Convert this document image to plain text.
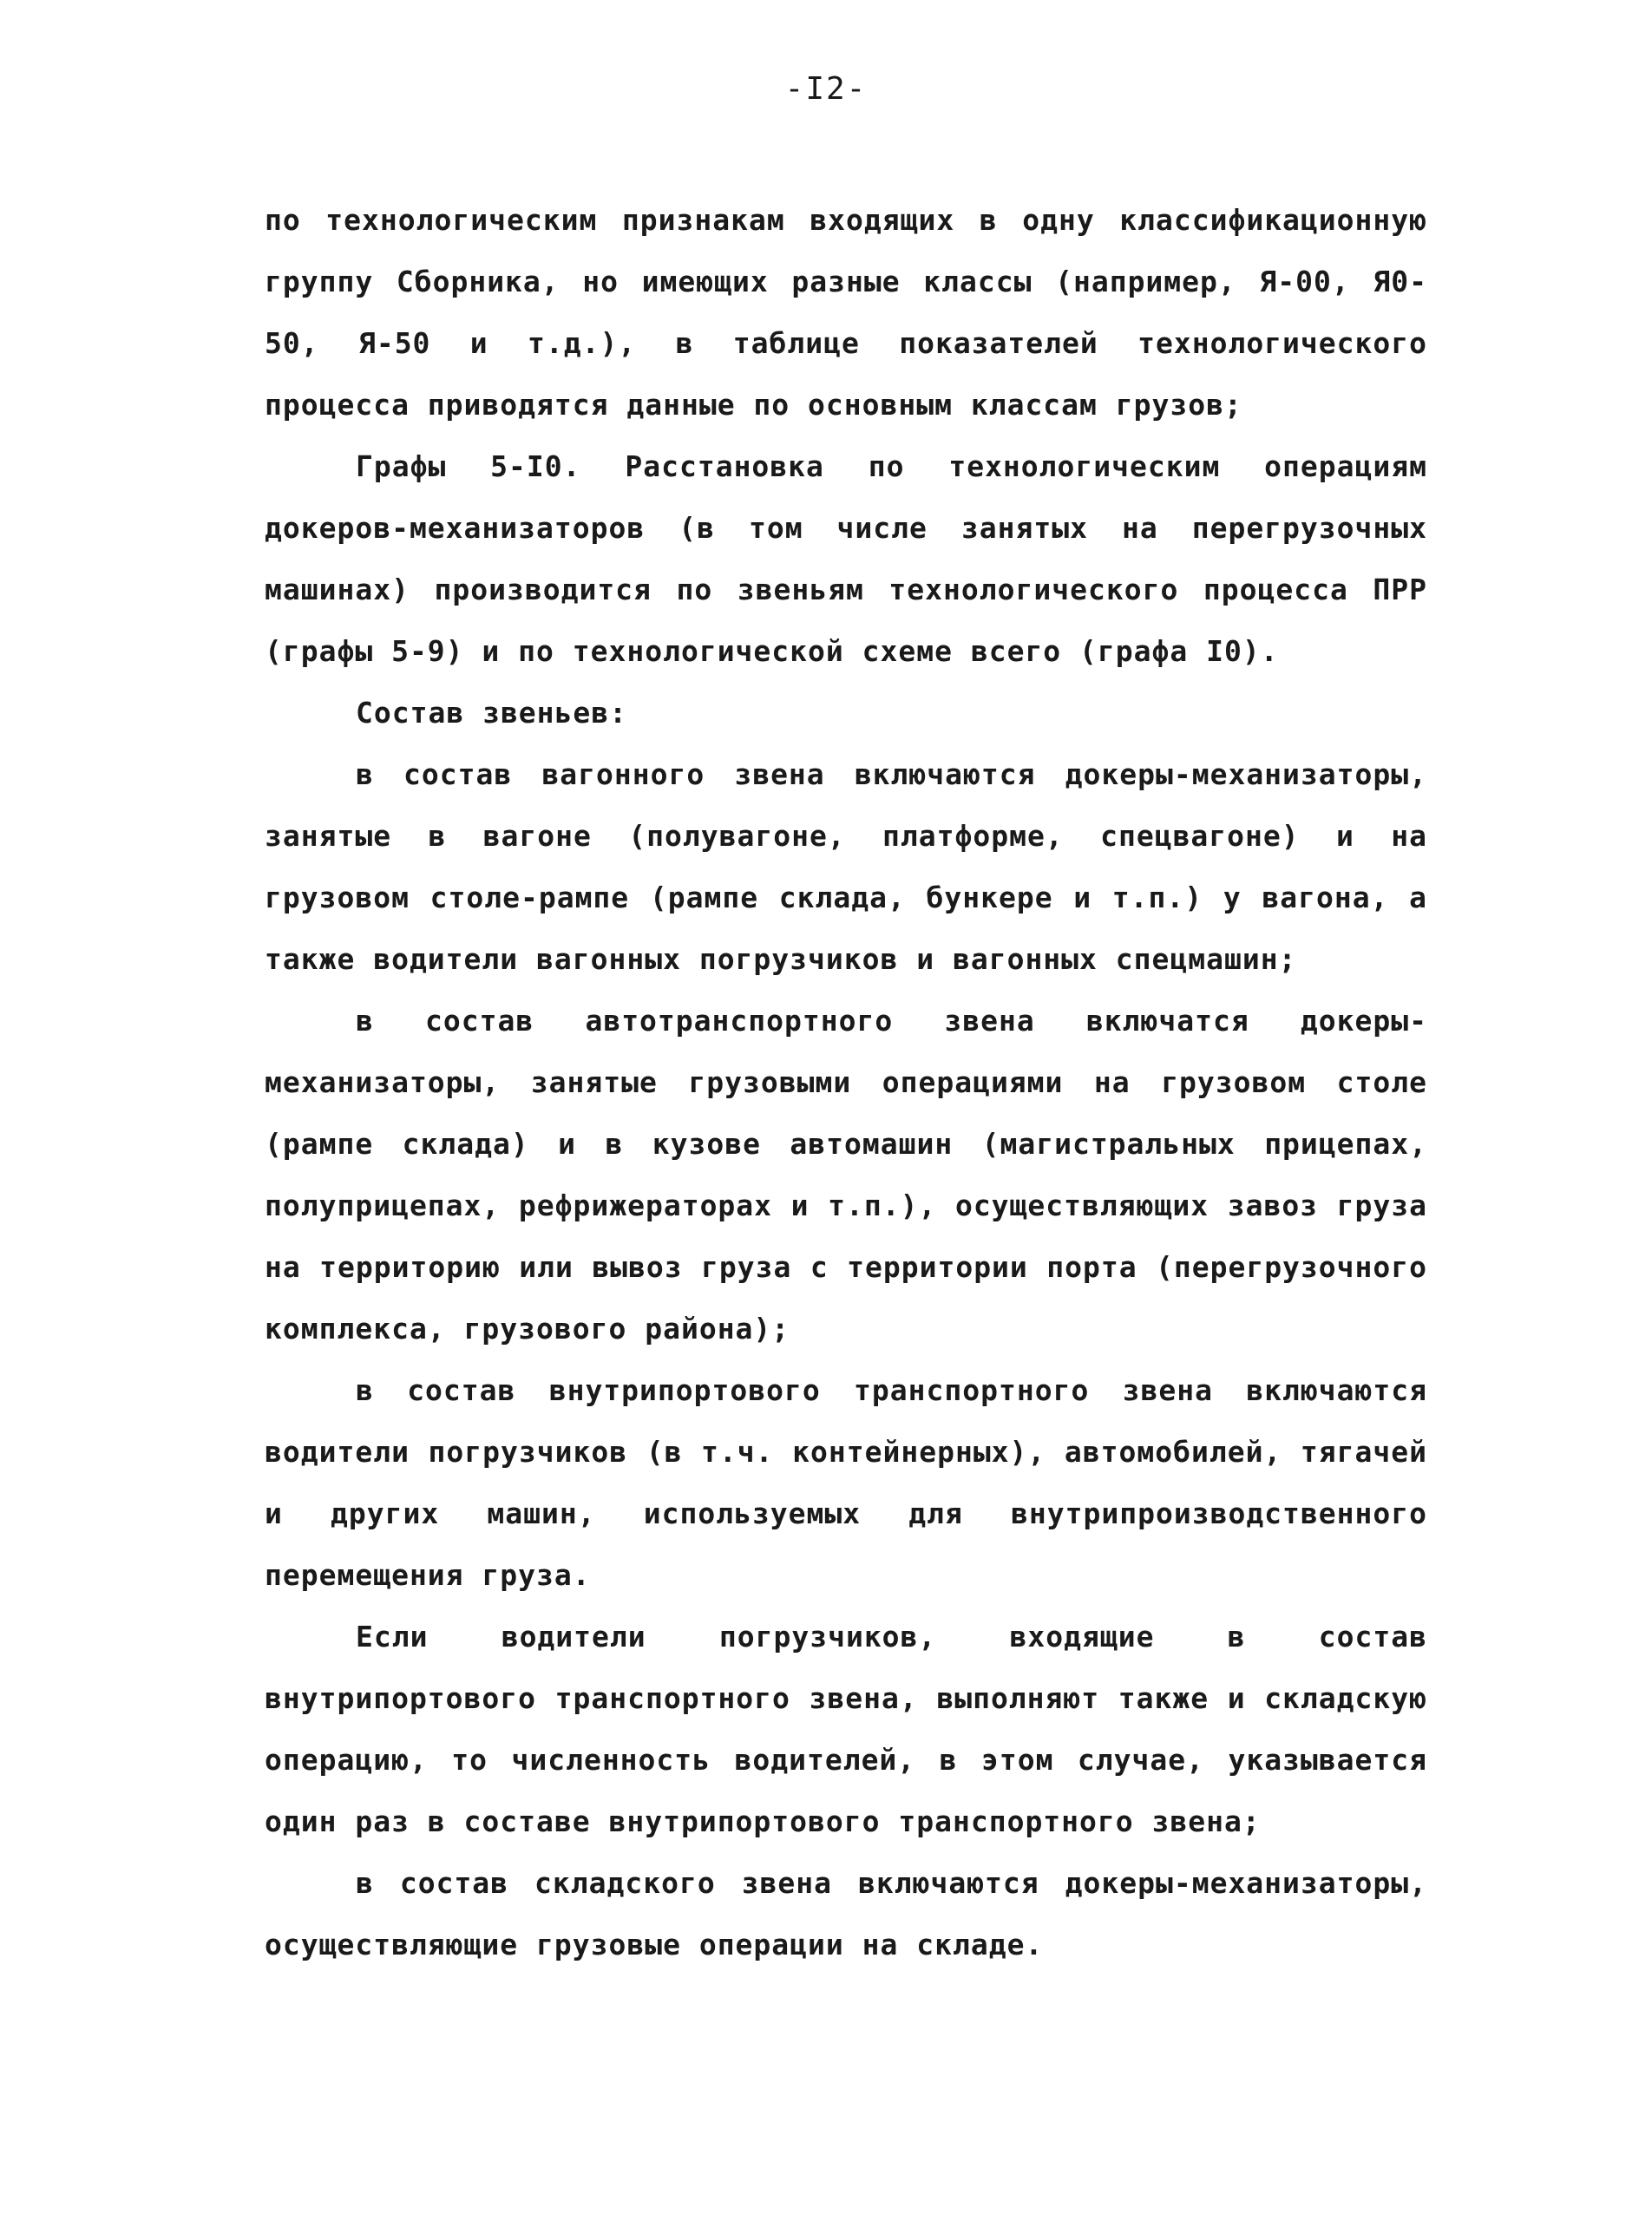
-I2-

по технологическим признакам входящих в одну классификационную группу Сборника, но имеющих разные классы (например, Я-00, Я0-50, Я-50 и т.д.), в таблице показателей технологического процесса приводятся данные по основным классам грузов;

Графы 5-I0. Расстановка по технологическим операциям докеров-механизаторов (в том числе занятых на перегрузочных машинах) производится по звеньям технологического процесса ПРР (графы 5-9) и по технологической схеме всего (графа I0).

Состав звеньев:

в состав вагонного звена включаются докеры-механизаторы, занятые в вагоне (полувагоне, платформе, спецвагоне) и на грузовом столе-рампе (рампе склада, бункере и т.п.) у вагона, а также водители вагонных погрузчиков и вагонных спецмашин;

в состав автотранспортного звена включатся докеры-механизаторы, занятые грузовыми операциями на грузовом столе (рампе склада) и в кузове автомашин (магистральных прицепах, полуприцепах, рефрижераторах и т.п.), осуществляющих завоз груза на территорию или вывоз груза с территории порта (перегрузочного комплекса, грузового района);

в состав внутрипортового транспортного звена включаются водители погрузчиков (в т.ч. контейнерных), автомобилей, тягачей и других машин, используемых для внутрипроизводственного перемещения груза.

Если водители погрузчиков, входящие в состав внутрипортового транспортного звена, выполняют также и складскую операцию, то численность водителей, в этом случае, указывается один раз в составе внутрипортового транспортного звена;

в состав складского звена включаются докеры-механизаторы, осуществляющие грузовые операции на складе.
